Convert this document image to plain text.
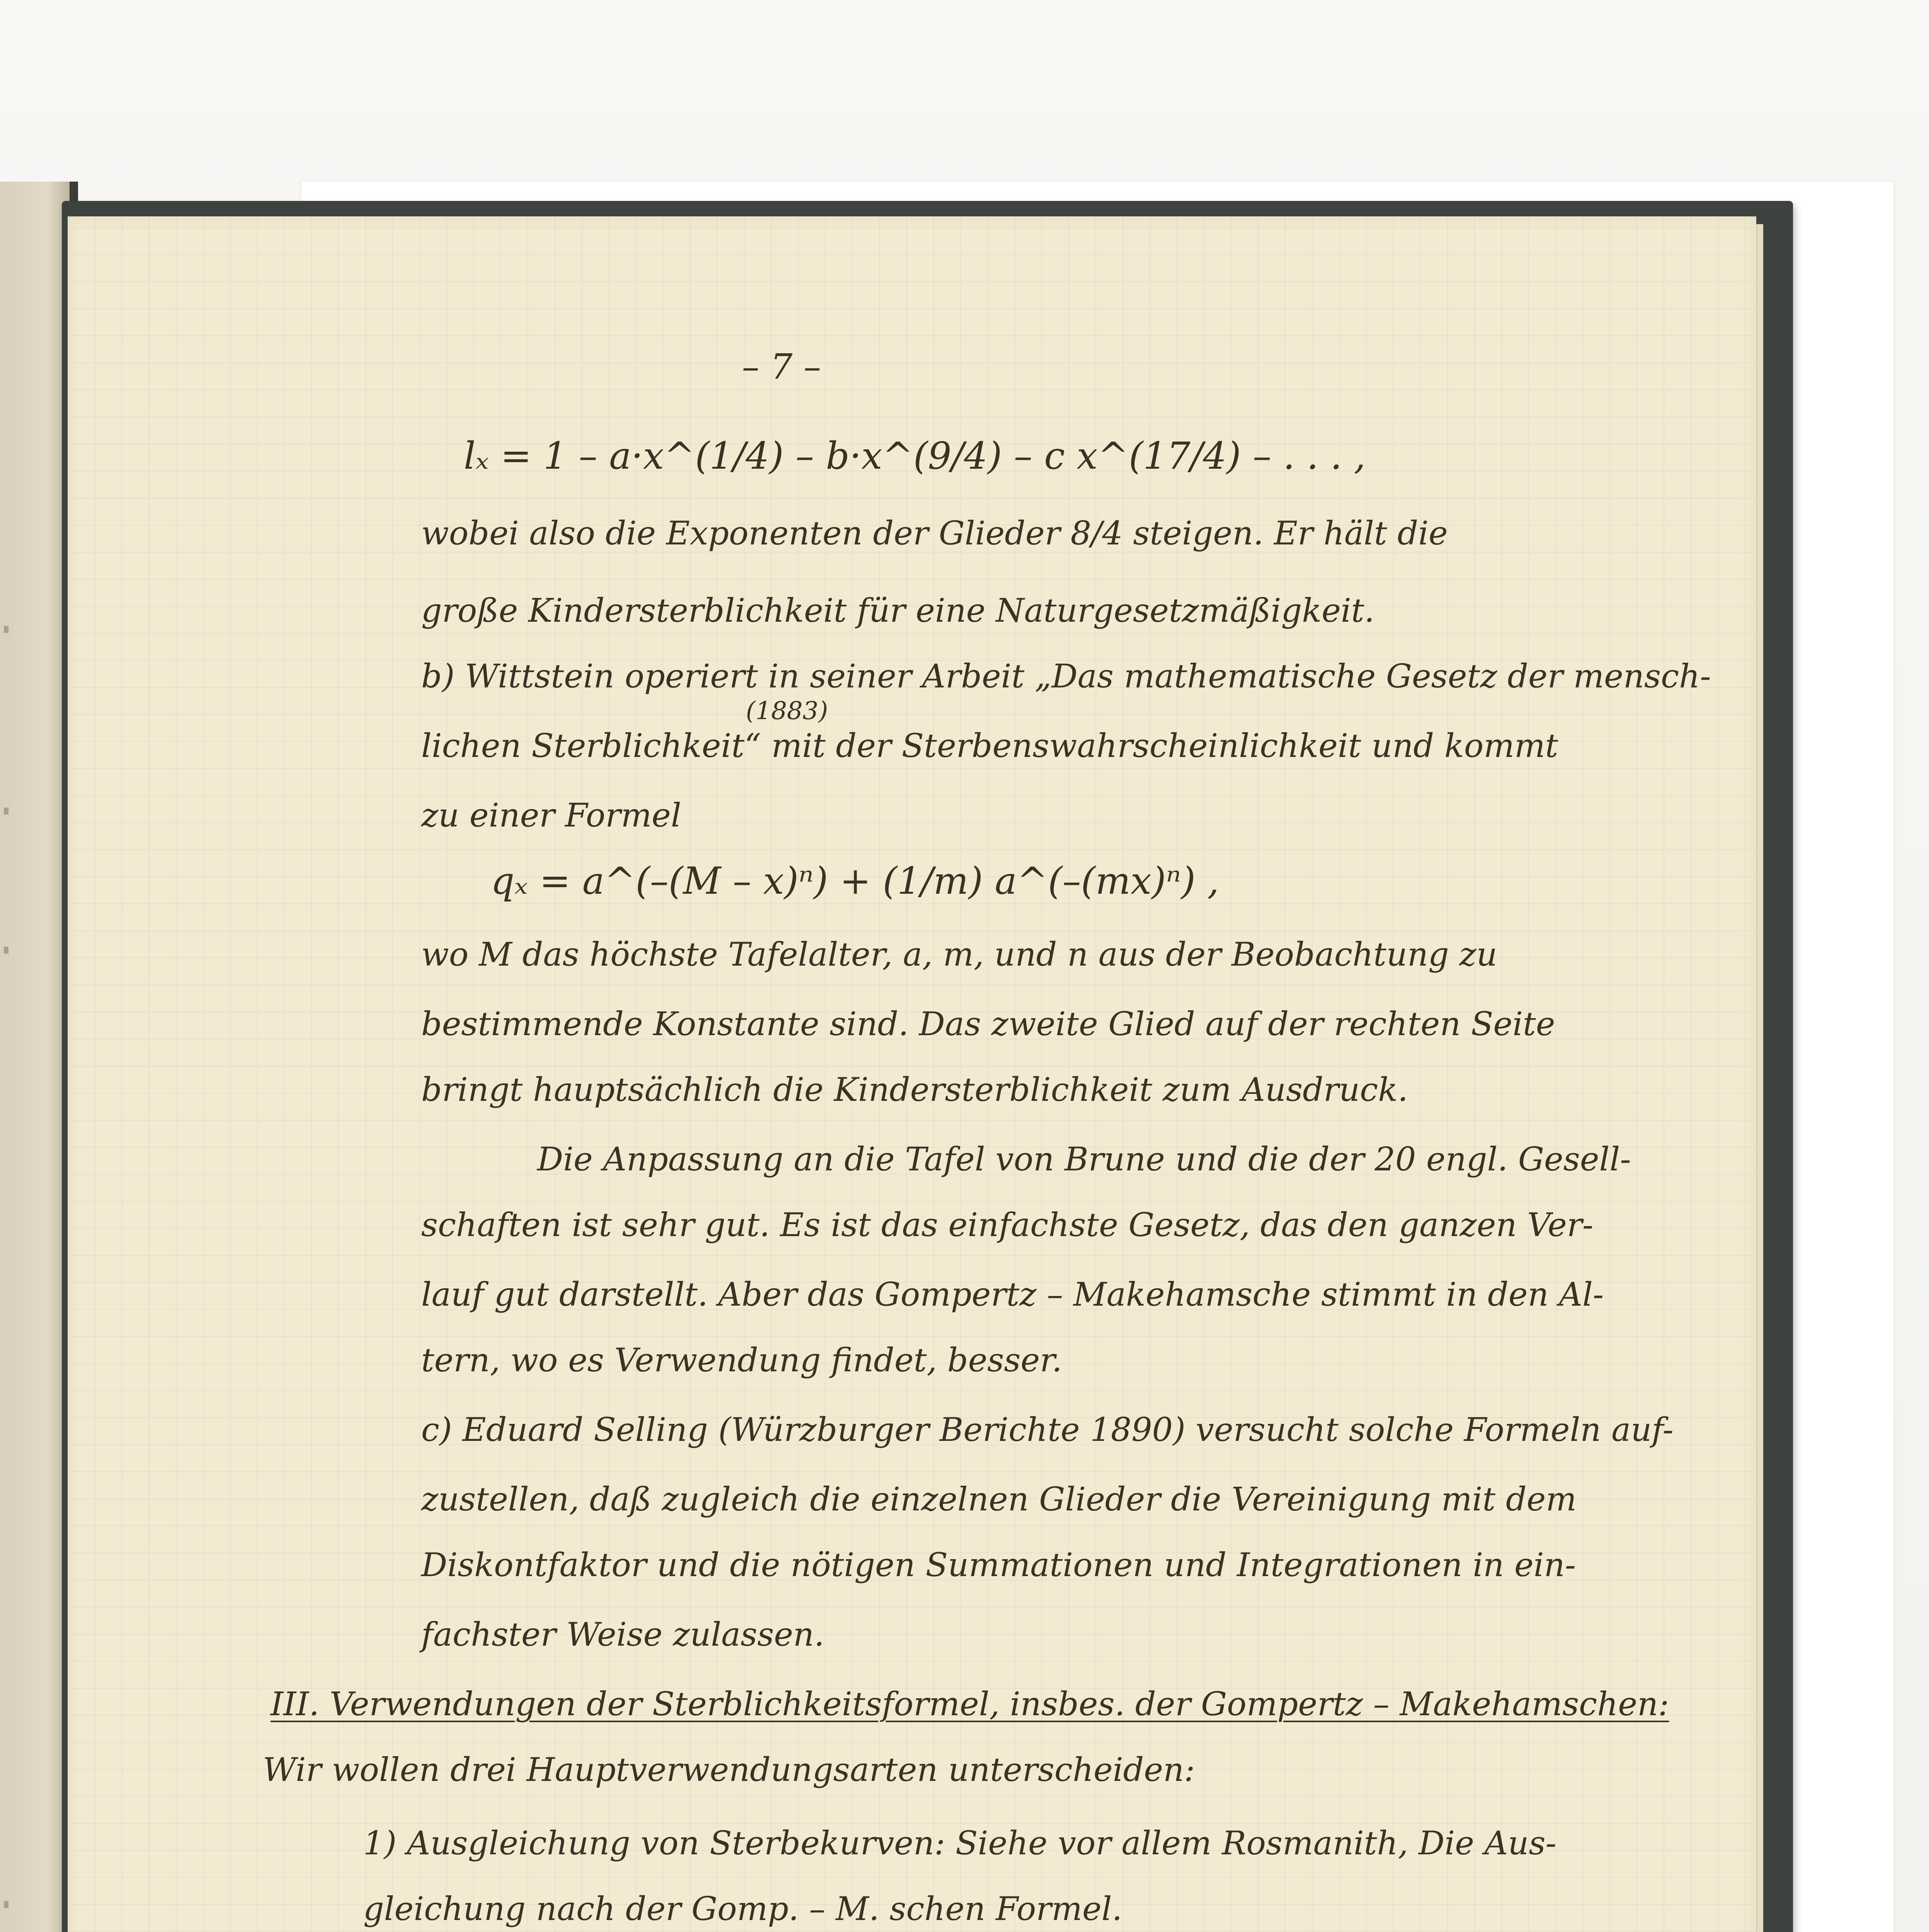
– 7 –
lₓ = 1 – a·x^(1/4) – b·x^(9/4) – c x^(17/4) – . . . ,
wobei also die Exponenten der Glieder 8/4 steigen. Er hält die
große Kindersterblichkeit für eine Naturgesetzmäßigkeit.
b) Wittstein operiert in seiner Arbeit „Das mathematische Gesetz der mensch-
(1883)
lichen Sterblichkeit“ mit der Sterbenswahrscheinlichkeit und kommt
zu einer Formel
qₓ = a^(–(M – x)ⁿ) + (1/m) a^(–(mx)ⁿ) ,
wo M das höchste Tafelalter, a, m, und n aus der Beobachtung zu
bestimmende Konstante sind. Das zweite Glied auf der rechten Seite
bringt hauptsächlich die Kindersterblichkeit zum Ausdruck.
Die Anpassung an die Tafel von Brune und die der 20 engl. Gesell-
schaften ist sehr gut. Es ist das einfachste Gesetz, das den ganzen Ver-
lauf gut darstellt. Aber das Gompertz – Makehamsche stimmt in den Al-
tern, wo es Verwendung findet, besser.
c) Eduard Selling (Würzburger Berichte 1890) versucht solche Formeln auf-
zustellen, daß zugleich die einzelnen Glieder die Vereinigung mit dem
Diskontfaktor und die nötigen Summationen und Integrationen in ein-
fachster Weise zulassen.
III. Verwendungen der Sterblichkeitsformel, insbes. der Gompertz – Makehamschen:
Wir wollen drei Hauptverwendungsarten unterscheiden:
1) Ausgleichung von Sterbekurven: Siehe vor allem Rosmanith, Die Aus-
gleichung nach der Gomp. – M. schen Formel.
